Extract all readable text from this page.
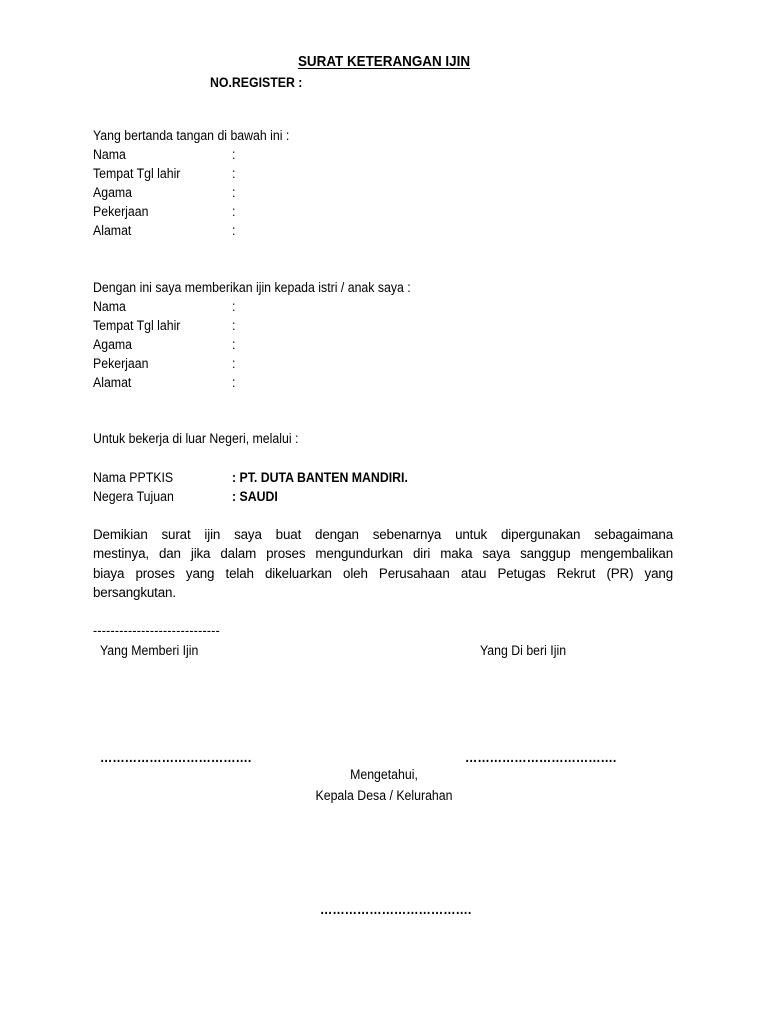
SURAT KETERANGAN IJIN
NO.REGISTER :
Yang bertanda tangan di bawah ini :
Nama	:
Tempat Tgl lahir	:
Agama	:
Pekerjaan	:
Alamat	:
Dengan ini saya memberikan ijin kepada istri / anak saya :
Nama	:
Tempat Tgl lahir	:
Agama	:
Pekerjaan	:
Alamat	:
Untuk bekerja di luar Negeri, melalui :
Nama PPTKIS	: PT. DUTA BANTEN MANDIRI.
Negera Tujuan	: SAUDI
Demikian surat ijin saya buat dengan sebenarnya untuk dipergunakan sebagaimana
mestinya, dan jika dalam proses mengundurkan diri maka saya sanggup mengembalikan
biaya proses yang telah dikeluarkan oleh Perusahaan atau Petugas Rekrut (PR) yang
bersangkutan.
-----------------------------
Yang Memberi Ijin	Yang Di beri Ijin
……………………………….	……………………………….
Mengetahui,
Kepala Desa / Kelurahan
……………………………….
